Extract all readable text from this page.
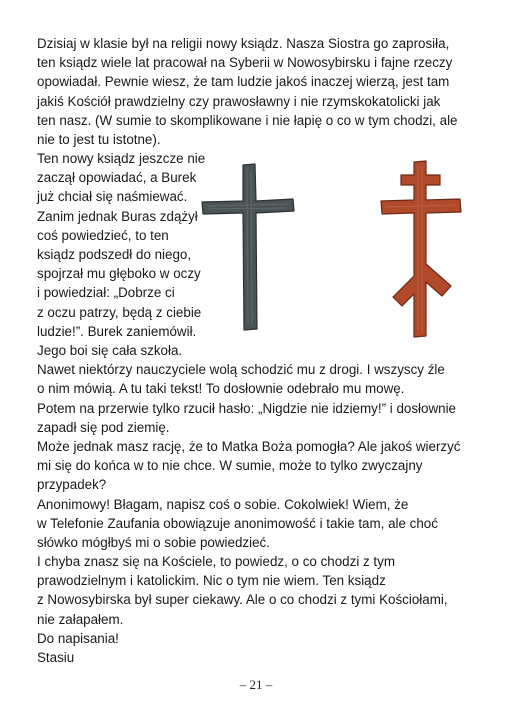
Dzisiaj w klasie był na religii nowy ksiądz. Nasza Siostra go zaprosiła,
ten ksiądz wiele lat pracował na Syberii w Nowosybirsku i fajne rzeczy
opowiadał. Pewnie wiesz, że tam ludzie jakoś inaczej wierzą, jest tam
jakiś Kościół prawdzielny czy prawosławny i nie rzymskokatolicki jak
ten nasz. (W sumie to skomplikowane i nie łapię o co w tym chodzi, ale
nie to jest tu istotne).
Ten nowy ksiądz jeszcze nie
zaczął opowiadać, a Burek
już chciał się naśmiewać.
Zanim jednak Buras zdążył
coś powiedzieć, to ten
ksiądz podszedł do niego,
spojrzał mu głęboko w oczy
i powiedział: „Dobrze ci
z oczu patrzy, będą z ciebie
ludzie!”. Burek zaniemówił.
Jego boi się cała szkoła.
Nawet niektórzy nauczyciele wolą schodzić mu z drogi. I wszyscy źle
o nim mówią. A tu taki tekst! To dosłownie odebrało mu mowę.
Potem na przerwie tylko rzucił hasło: „Nigdzie nie idziemy!” i dosłownie
zapadł się pod ziemię.
Może jednak masz rację, że to Matka Boża pomogła? Ale jakoś wierzyć
mi się do końca w to nie chce. W sumie, może to tylko zwyczajny
przypadek?
Anonimowy! Błagam, napisz coś o sobie. Cokolwiek! Wiem, że
w Telefonie Zaufania obowiązuje anonimowość i takie tam, ale choć
słówko mógłbyś mi o sobie powiedzieć.
I chyba znasz się na Kościele, to powiedz, o co chodzi z tym
prawodzielnym i katolickim. Nic o tym nie wiem. Ten ksiądz
z Nowosybirska był super ciekawy. Ale o co chodzi z tymi Kościołami,
nie załapałem.
Do napisania!
Stasiu
– 21 –
